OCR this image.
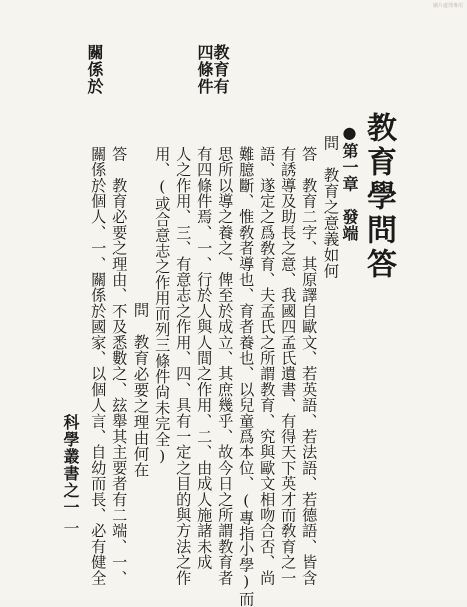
圖片處理專用
教育學問答
●第一章　發端
問　教育之意義如何
答　教育二字、其原譯自歐文、若英語、若法語、若德語、皆含
有誘導及助長之意、我國四孟氏遺書、有得天下英才而敎育之一
語、遂定之爲敎育、夫孟氏之所謂教育、究與歐文相吻合否、尚
難臆斷、惟敎者導也、育者養也、以兒童爲本位、(專指小學)而
思所以導之養之、俾至於成立、其庶幾乎、故今日之所謂教育者
有四條件焉、一、行於人與人間之作用、二、由成人施諸未成
人之作用、三、有意志之作用、四、具有一定之目的與方法之作
用、(或合意志之作用而列三條件尙未完全)
問　教育必要之理由何在
答　教育必要之理由、不及悉數之、玆舉其主要者有二端、一、
關係於個人、一、關係於國家、以個人言、自幼而長、必有健全
教育有四條件
關係於
科學叢書之一
一
